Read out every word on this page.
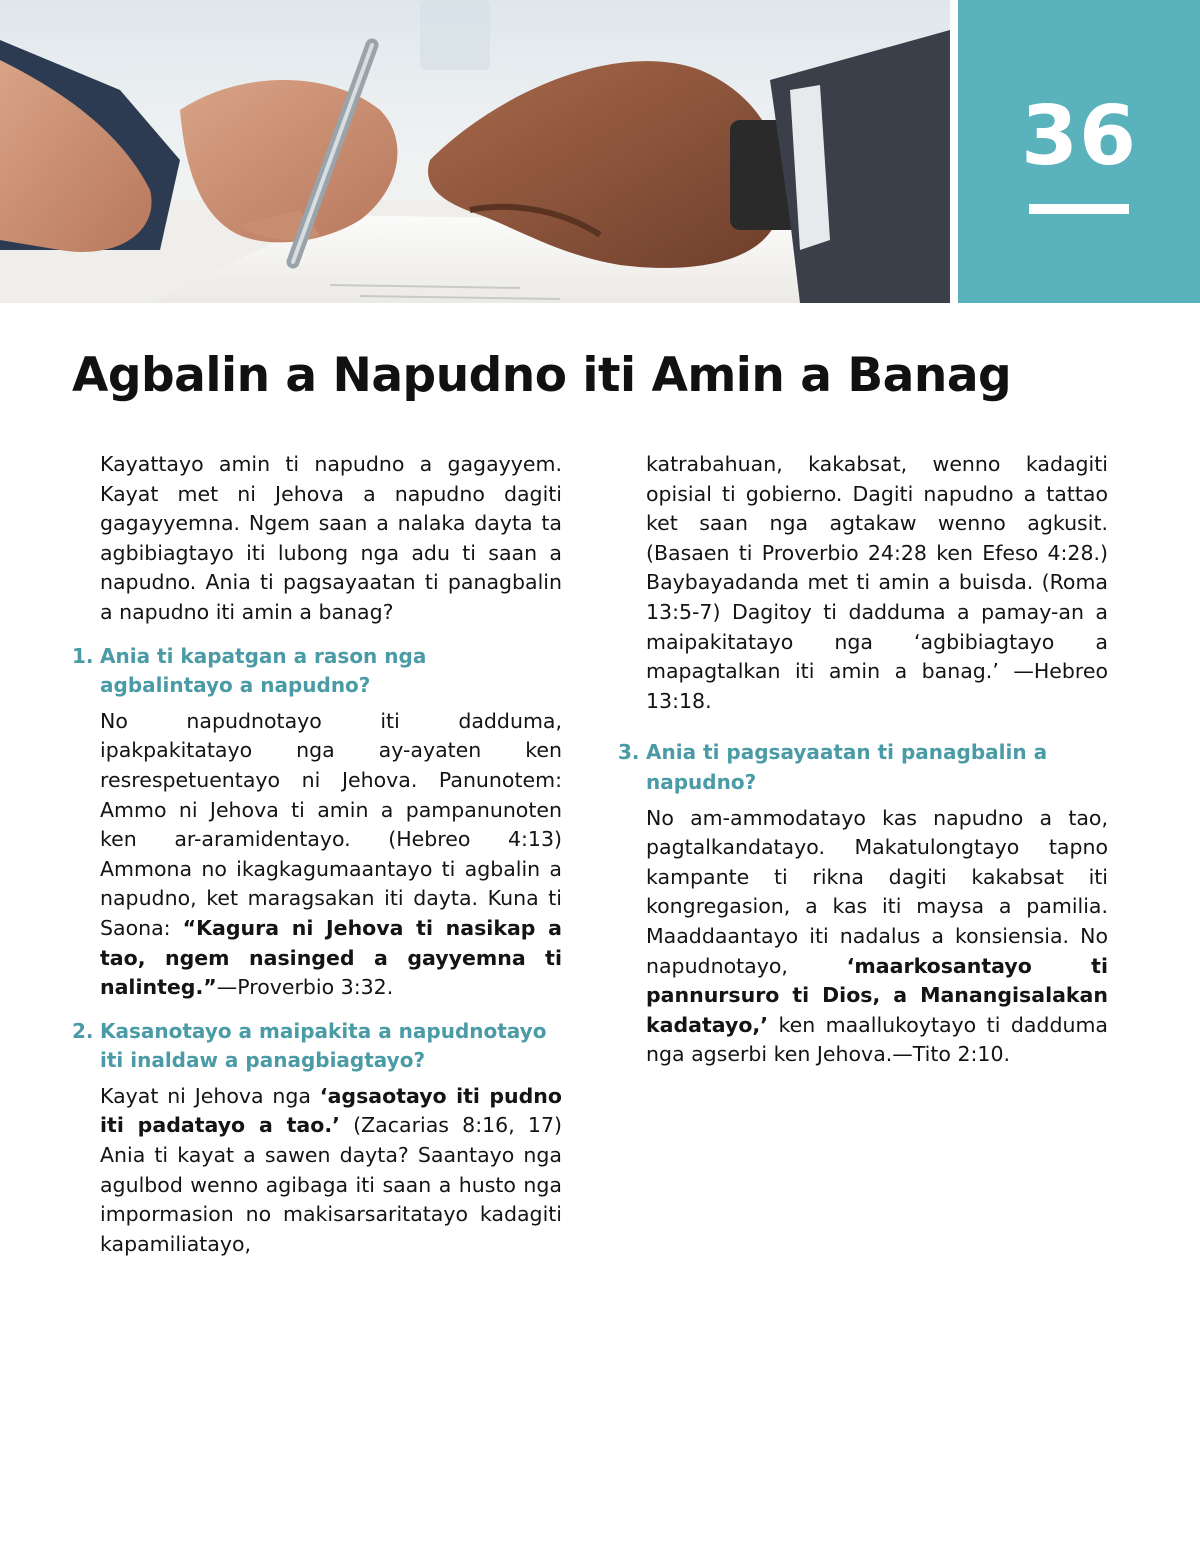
36
Agbalin a Napudno iti Amin a Banag

Kayattayo amin ti napudno a gagayyem. Kayat met ni Jehova a napudno dagiti gagayyemna. Ngem saan a nalaka dayta ta agbibiagtayo iti lubong nga adu ti saan a napudno. Ania ti pagsayaatan ti panagbalin a napudno iti amin a banag?

1. Ania ti kapatgan a rason nga agbalintayo a napudno?

No napudnotayo iti dadduma, ipakpakitatayo nga ay-ayaten ken resrespetuentayo ni Jehova. Panunotem: Ammo ni Jehova ti amin a pampanunoten ken ar-aramidentayo. (Hebreo 4:13) Ammona no ikagkagumaantayo ti agbalin a napudno, ket maragsakan iti dayta. Kuna ti Saona: “Kagura ni Jehova ti nasikap a tao, ngem nasinged a gayyemna ti nalinteg.”—Proverbio 3:32.

2. Kasanotayo a maipakita a napudnotayo iti inaldaw a panagbiagtayo?

Kayat ni Jehova nga ‘agsaotayo iti pudno iti padatayo a tao.’ (Zacarias 8:16, 17) Ania ti kayat a sawen dayta? Saantayo nga agulbod wenno agibaga iti saan a husto nga impormasion no makisarsaritatayo kadagiti kapamiliatayo,

katrabahuan, kakabsat, wenno kadagiti opisial ti gobierno. Dagiti napudno a tattao ket saan nga agtakaw wenno agkusit. (Basaen ti Proverbio 24:28 ken Efeso 4:28.) Baybayadanda met ti amin a buisda. (Roma 13:5-7) Dagitoy ti dadduma a pamay-an a maipakitatayo nga ‘agbibiagtayo a mapagtalkan iti amin a banag.’ —Hebreo 13:18.

3. Ania ti pagsayaatan ti panagbalin a napudno?

No am-ammodatayo kas napudno a tao, pagtalkandatayo. Makatulongtayo tapno kampante ti rikna dagiti kakabsat iti kongregasion, a kas iti maysa a pamilia. Maaddaantayo iti nadalus a konsiensia. No napudnotayo, ‘maarkosantayo ti pannursuro ti Dios, a Manangisalakan kadatayo,’ ken maallukoytayo ti dadduma nga agserbi ken Jehova.—Tito 2:10.
